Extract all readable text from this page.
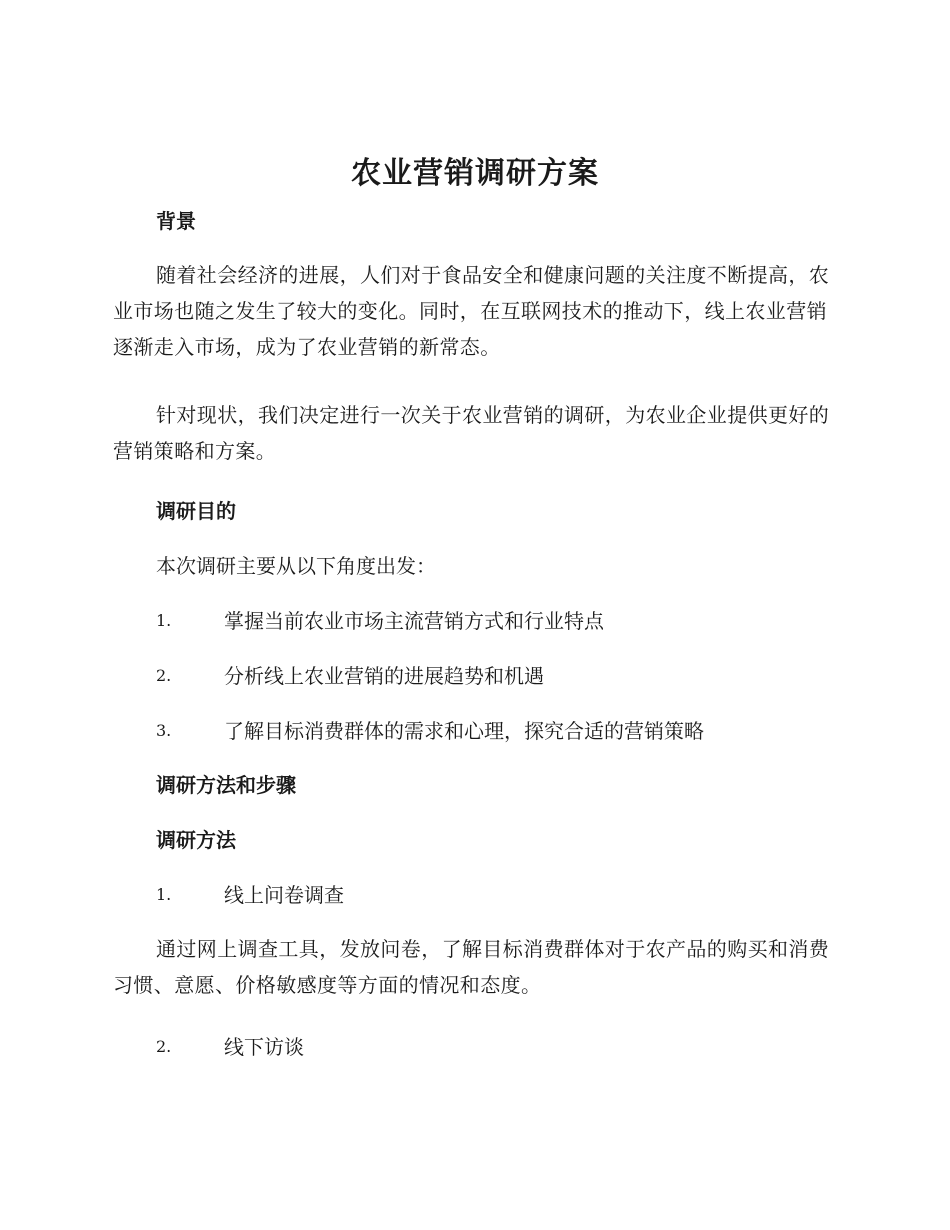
农业营销调研方案
背景
随着社会经济的进展，人们对于食品安全和健康问题的关注度不断提高，农业市场也随之发生了较大的变化。同时，在互联网技术的推动下，线上农业营销逐渐走入市场，成为了农业营销的新常态。
针对现状，我们决定进行一次关于农业营销的调研，为农业企业提供更好的营销策略和方案。
调研目的
本次调研主要从以下角度出发：
1.	掌握当前农业市场主流营销方式和行业特点
2.	分析线上农业营销的进展趋势和机遇
3.	了解目标消费群体的需求和心理，探究合适的营销策略
调研方法和步骤
调研方法
1.	线上问卷调查
通过网上调查工具，发放问卷，了解目标消费群体对于农产品的购买和消费习惯、意愿、价格敏感度等方面的情况和态度。
2.	线下访谈
